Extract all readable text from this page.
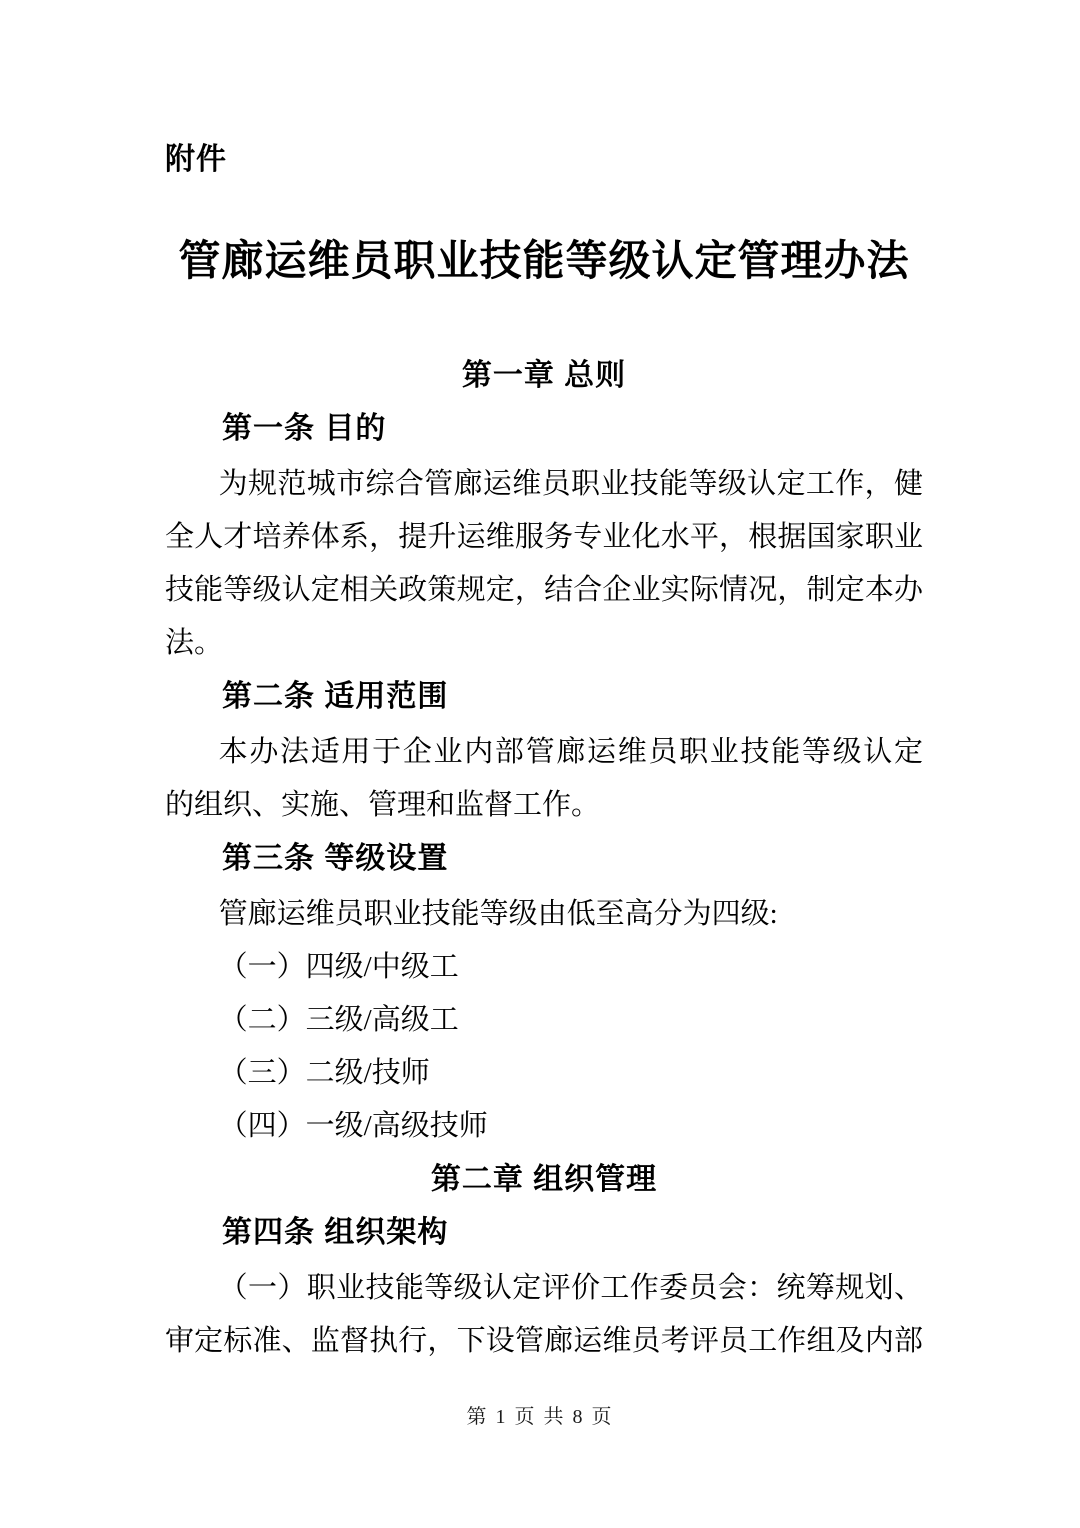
附件
管廊运维员职业技能等级认定管理办法
第一章 总则
第一条 目的
为规范城市综合管廊运维员职业技能等级认定工作，健
全人才培养体系，提升运维服务专业化水平，根据国家职业
技能等级认定相关政策规定，结合企业实际情况，制定本办
法。
第二条 适用范围
本办法适用于企业内部管廊运维员职业技能等级认定
的组织、实施、管理和监督工作。
第三条 等级设置
管廊运维员职业技能等级由低至高分为四级:
（一）四级/中级工
（二）三级/高级工
（三）二级/技师
（四）一级/高级技师
第二章 组织管理
第四条 组织架构
（一）职业技能等级认定评价工作委员会：统筹规划、
审定标准、监督执行，下设管廊运维员考评员工作组及内部
第 1 页 共 8 页
